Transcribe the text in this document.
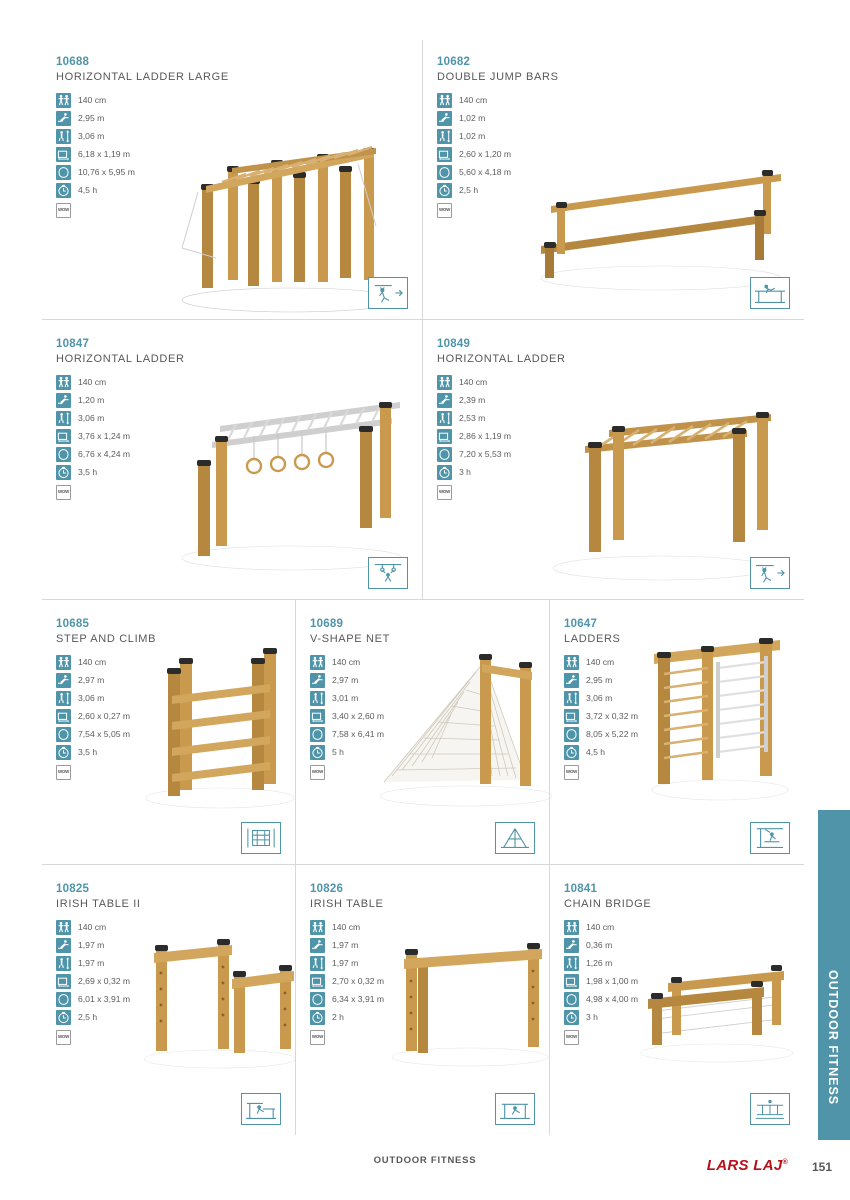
OUTDOOR FITNESS
10688
HORIZONTAL LADDER LARGE
140 cm
2,95 m
3,06 m
6,18 x 1,19 m
10,76 x 5,95 m
4,5 h
WOW
10682
DOUBLE JUMP BARS
140 cm
1,02 m
1,02 m
2,60 x 1,20 m
5,60 x 4,18 m
2,5 h
WOW
10847
HORIZONTAL LADDER
140 cm
1,20 m
3,06 m
3,76 x 1,24 m
6,76 x 4,24 m
3,5 h
WOW
10849
HORIZONTAL LADDER
140 cm
2,39 m
2,53 m
2,86 x 1,19 m
7,20 x 5,53 m
3 h
WOW
10685
STEP AND CLIMB
140 cm
2,97 m
3,06 m
2,60 x 0,27 m
7,54 x 5,05 m
3,5 h
WOW
10689
V-SHAPE NET
140 cm
2,97 m
3,01 m
3,40 x 2,60 m
7,58 x 6,41 m
5 h
WOW
10647
LADDERS
140 cm
2,95 m
3,06 m
3,72 x 0,32 m
8,05 x 5,22 m
4,5 h
WOW
10825
IRISH TABLE II
140 cm
1,97 m
1,97 m
2,69 x 0,32 m
6,01 x 3,91 m
2,5 h
WOW
10826
IRISH TABLE
140 cm
1,97 m
1,97 m
2,70 x 0,32 m
6,34 x 3,91 m
2 h
WOW
10841
CHAIN BRIDGE
140 cm
0,36 m
1,26 m
1,98 x 1,00 m
4,98 x 4,00 m
3 h
WOW
OUTDOOR FITNESS	LARS LAJ® 151
